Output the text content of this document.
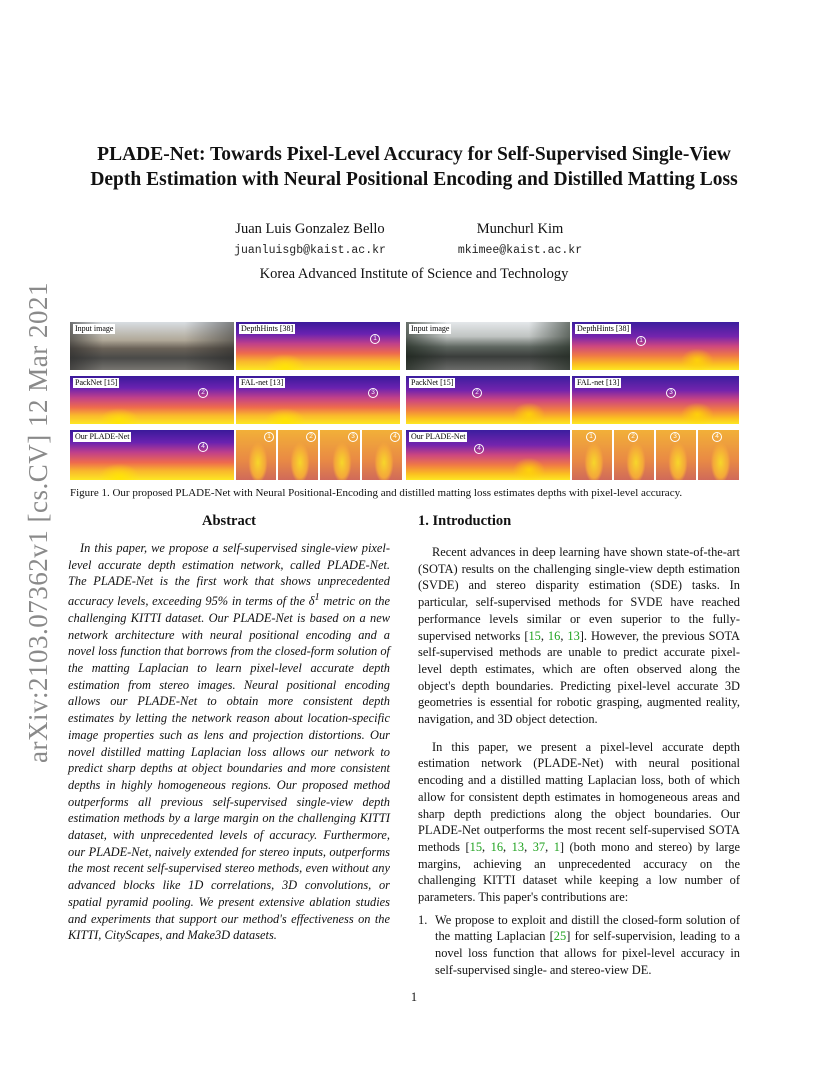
arXiv:2103.07362v1 [cs.CV] 12 Mar 2021
PLADE-Net: Towards Pixel-Level Accuracy for Self-Supervised Single-View
Depth Estimation with Neural Positional Encoding and Distilled Matting Loss
Juan Luis Gonzalez Bello
juanluisgb@kaist.ac.kr
Munchurl Kim
mkimee@kaist.ac.kr
Korea Advanced Institute of Science and Technology
Input image	DepthHints [38]
1
Input image	DepthHints [38]
1
PackNet [15]
2
FAL-net [13]
3
PackNet [15]
2
FAL-net [13]
3
Our PLADE-Net
4
1	2	3	4	Our PLADE-Net
4
1	2	3	4
Figure 1. Our proposed PLADE-Net with Neural Positional-Encoding and distilled matting loss estimates depths with pixel-level accuracy.
Abstract

In this paper, we propose a self-supervised single-view pixel-level accurate depth estimation network, called PLADE-Net. The PLADE-Net is the first work that shows unprecedented accuracy levels, exceeding 95% in terms of the $\delta^1$ metric on the challenging KITTI dataset. Our PLADE-Net is based on a new network architecture with neural positional encoding and a novel loss function that borrows from the closed-form solution of the matting Laplacian to learn pixel-level accurate depth estimation from stereo images. Neural positional encoding allows our PLADE-Net to obtain more consistent depth estimates by letting the network reason about location-specific image properties such as lens and projection distortions. Our novel distilled matting Laplacian loss allows our network to predict sharp depths at object boundaries and more consistent depths in highly homogeneous regions. Our proposed method outperforms all previous self-supervised single-view depth estimation methods by a large margin on the challenging KITTI dataset, with unprecedented levels of accuracy. Furthermore, our PLADE-Net, naively extended for stereo inputs, outperforms the most recent self-supervised stereo methods, even without any advanced blocks like 1D correlations, 3D convolutions, or spatial pyramid pooling. We present extensive ablation studies and experiments that support our method's effectiveness on the KITTI, CityScapes, and Make3D datasets.

1. Introduction

Recent advances in deep learning have shown state-of-the-art (SOTA) results on the challenging single-view depth estimation (SVDE) and stereo disparity estimation (SDE) tasks. In particular, self-supervised methods for SVDE have reached performance levels similar or even superior to the fully-supervised networks [15, 16, 13]. However, the previous SOTA self-supervised methods are unable to predict accurate pixel-level depth estimates, which are often observed along the object's depth boundaries. Predicting pixel-level accurate 3D geometries is essential for robotic grasping, augmented reality, navigation, and 3D object detection.

In this paper, we present a pixel-level accurate depth estimation network (PLADE-Net) with neural positional encoding and a distilled matting Laplacian loss, both of which allow for consistent depth estimates in homogeneous areas and sharp depth predictions along the object boundaries. Our PLADE-Net outperforms the most recent self-supervised SOTA methods [15, 16, 13, 37, 1] (both mono and stereo) by large margins, achieving an unprecedented accuracy on the challenging KITTI dataset while keeping a low number of parameters. This paper's contributions are:

1. We propose to exploit and distill the closed-form solution of the matting Laplacian [25] for self-supervision, leading to a novel loss function that allows for pixel-level accuracy in self-supervised single- and stereo-view DE.
1
